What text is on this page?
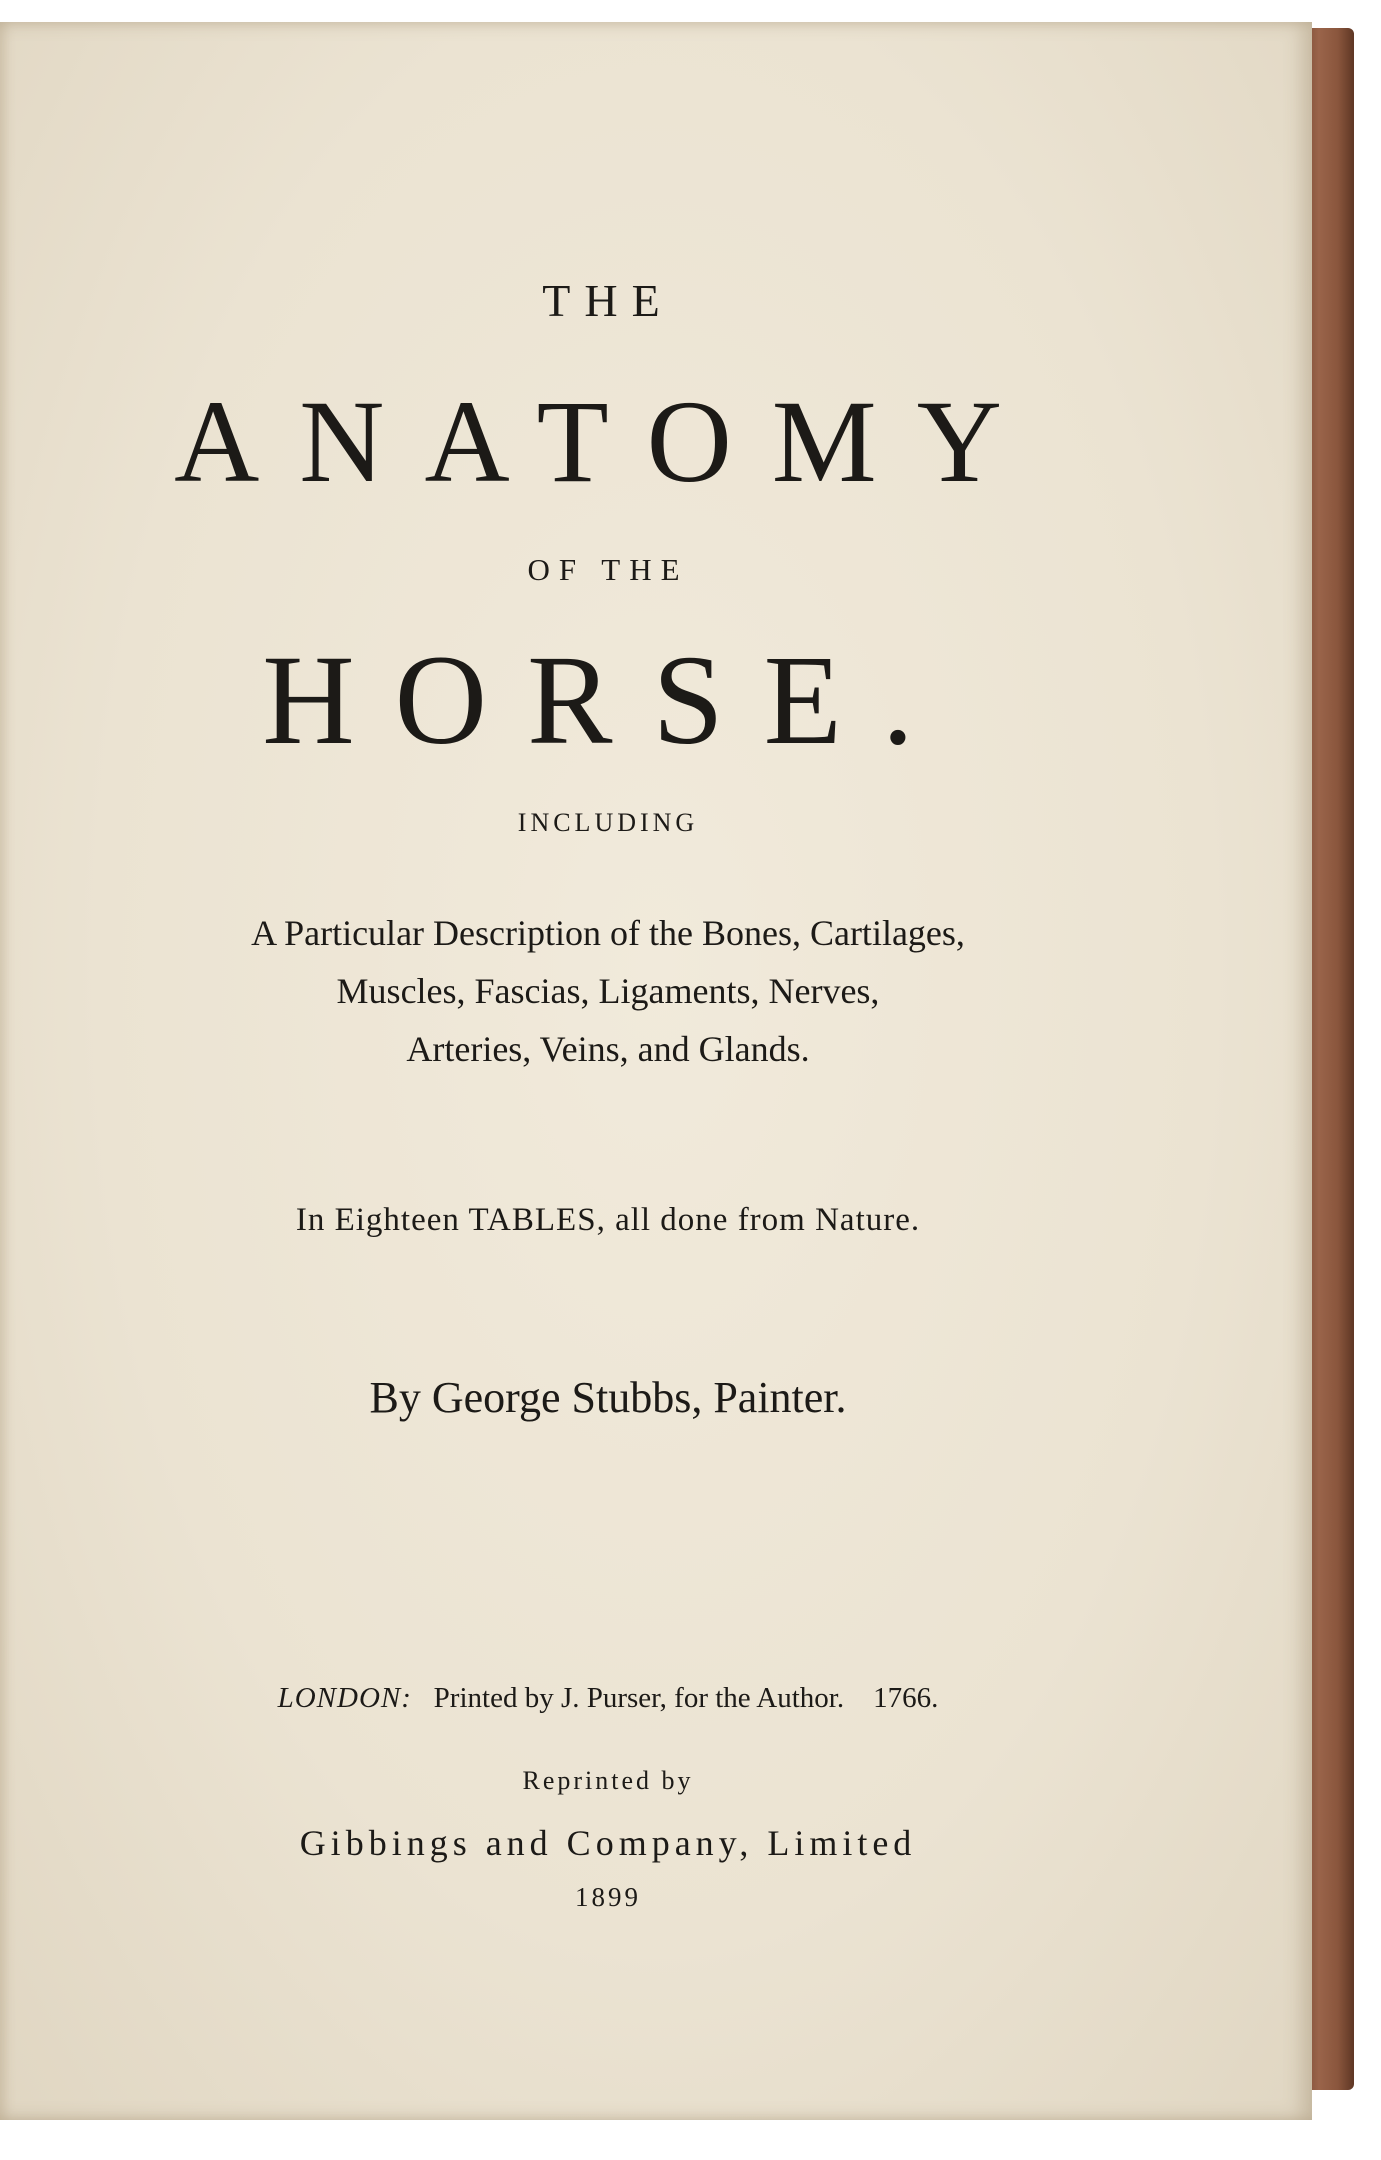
THE
ANATOMY
OF THE
HORSE.
INCLUDING
A Particular Description of the Bones, Cartilages,
Muscles, Fascias, Ligaments, Nerves,
Arteries, Veins, and Glands.
In Eighteen TABLES, all done from Nature.
By George Stubbs, Painter.
LONDON: Printed by J. Purser, for the Author. 1766.
Reprinted by
Gibbings and Company, Limited
1899
